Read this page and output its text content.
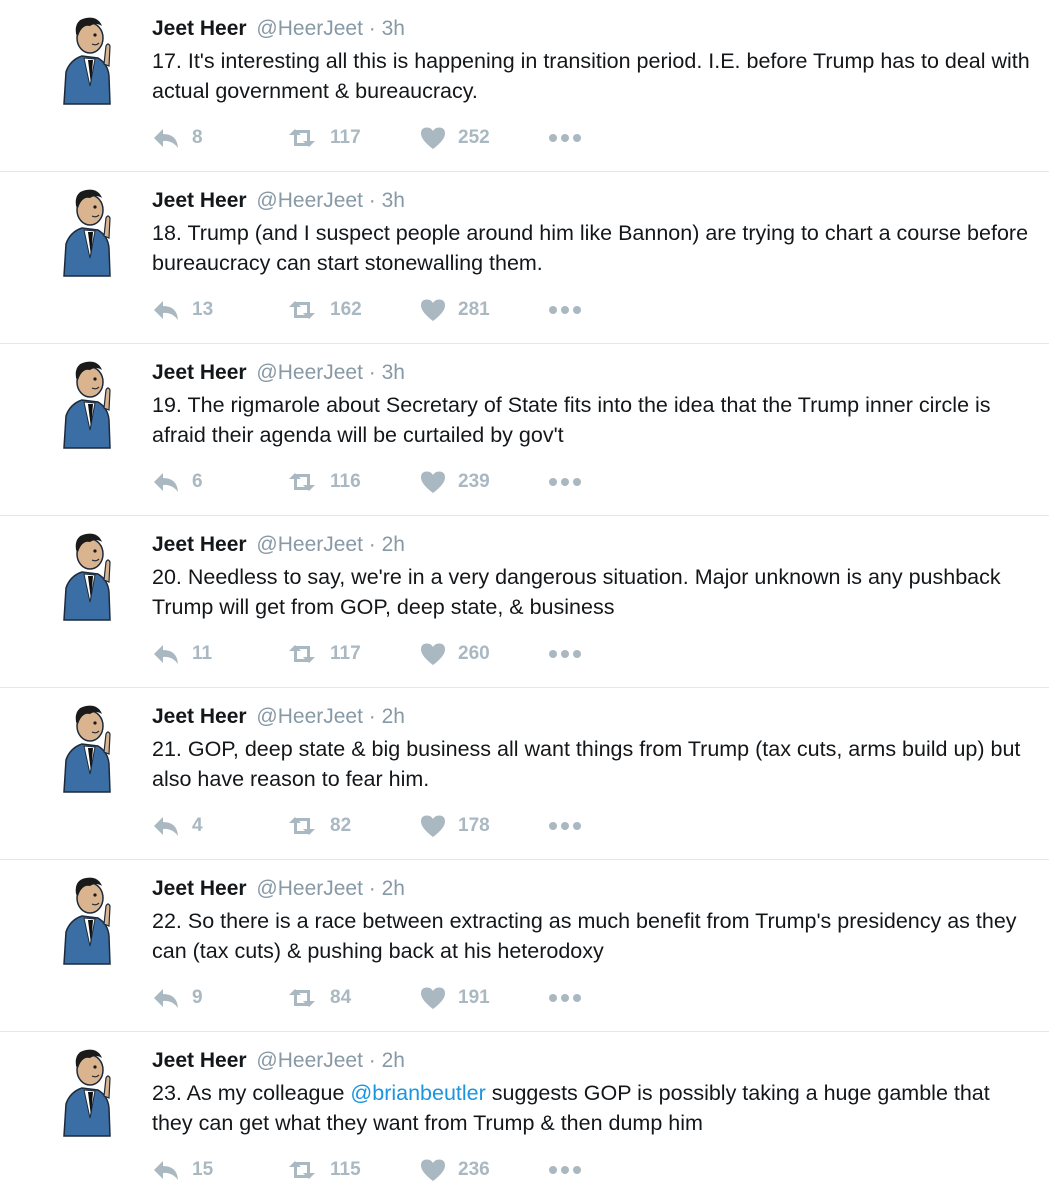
Jeet Heer @HeerJeet · 3h
17. It's interesting all this is happening in transition period. I.E. before Trump has to deal with actual government & bureaucracy.
8	117	252
Jeet Heer @HeerJeet · 3h
18. Trump (and I suspect people around him like Bannon) are trying to chart a course before bureaucracy can start stonewalling them.
13	162	281
Jeet Heer @HeerJeet · 3h
19. The rigmarole about Secretary of State fits into the idea that the Trump inner circle is afraid their agenda will be curtailed by gov't
6	116	239
Jeet Heer @HeerJeet · 2h
20. Needless to say, we're in a very dangerous situation. Major unknown is any pushback Trump will get from GOP, deep state, & business
11	117	260
Jeet Heer @HeerJeet · 2h
21. GOP, deep state & big business all want things from Trump (tax cuts, arms build up) but also have reason to fear him.
4	82	178
Jeet Heer @HeerJeet · 2h
22. So there is a race between extracting as much benefit from Trump's presidency as they can (tax cuts) & pushing back at his heterodoxy
9	84	191
Jeet Heer @HeerJeet · 2h
23. As my colleague @brianbeutler suggests GOP is possibly taking a huge gamble that they can get what they want from Trump & then dump him
15	115	236
